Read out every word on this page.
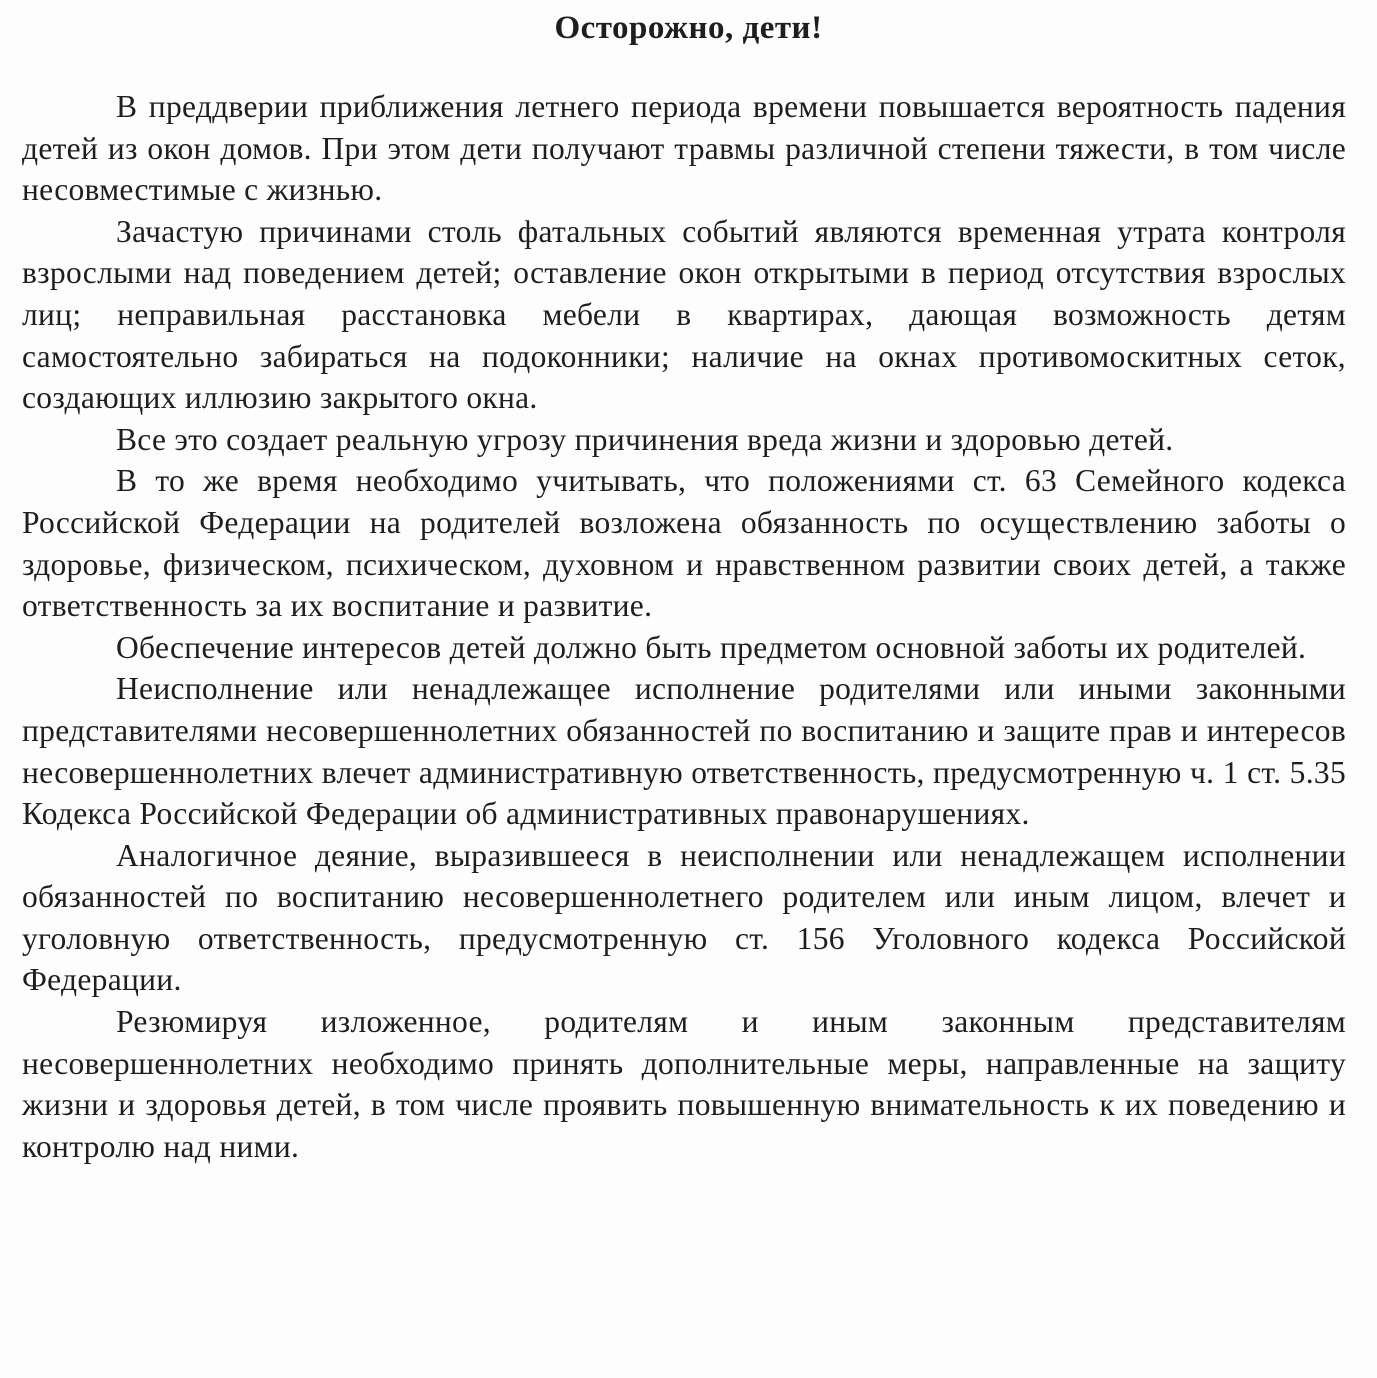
Осторожно, дети!

В преддверии приближения летнего периода времени повышается вероятность падения детей из окон домов. При этом дети получают травмы различной степени тяжести, в том числе несовместимые с жизнью.

Зачастую причинами столь фатальных событий являются временная утрата контроля взрослыми над поведением детей; оставление окон открытыми в период отсутствия взрослых лиц; неправильная расстановка мебели в квартирах, дающая возможность детям самостоятельно забираться на подоконники; наличие на окнах противомоскитных сеток, создающих иллюзию закрытого окна.

Все это создает реальную угрозу причинения вреда жизни и здоровью детей.

В то же время необходимо учитывать, что положениями ст. 63 Семейного кодекса Российской Федерации на родителей возложена обязанность по осуществлению заботы о здоровье, физическом, психическом, духовном и нравственном развитии своих детей, а также ответственность за их воспитание и развитие.

Обеспечение интересов детей должно быть предметом основной заботы их родителей.

Неисполнение или ненадлежащее исполнение родителями или иными законными представителями несовершеннолетних обязанностей по воспитанию и защите прав и интересов несовершеннолетних влечет административную ответственность, предусмотренную ч. 1 ст. 5.35 Кодекса Российской Федерации об административных правонарушениях.

Аналогичное деяние, выразившееся в неисполнении или ненадлежащем исполнении обязанностей по воспитанию несовершеннолетнего родителем или иным лицом, влечет и уголовную ответственность, предусмотренную ст. 156 Уголовного кодекса Российской Федерации.

Резюмируя изложенное, родителям и иным законным представителям несовершеннолетних необходимо принять дополнительные меры, направленные на защиту жизни и здоровья детей, в том числе проявить повышенную внимательность к их поведению и контролю над ними.
